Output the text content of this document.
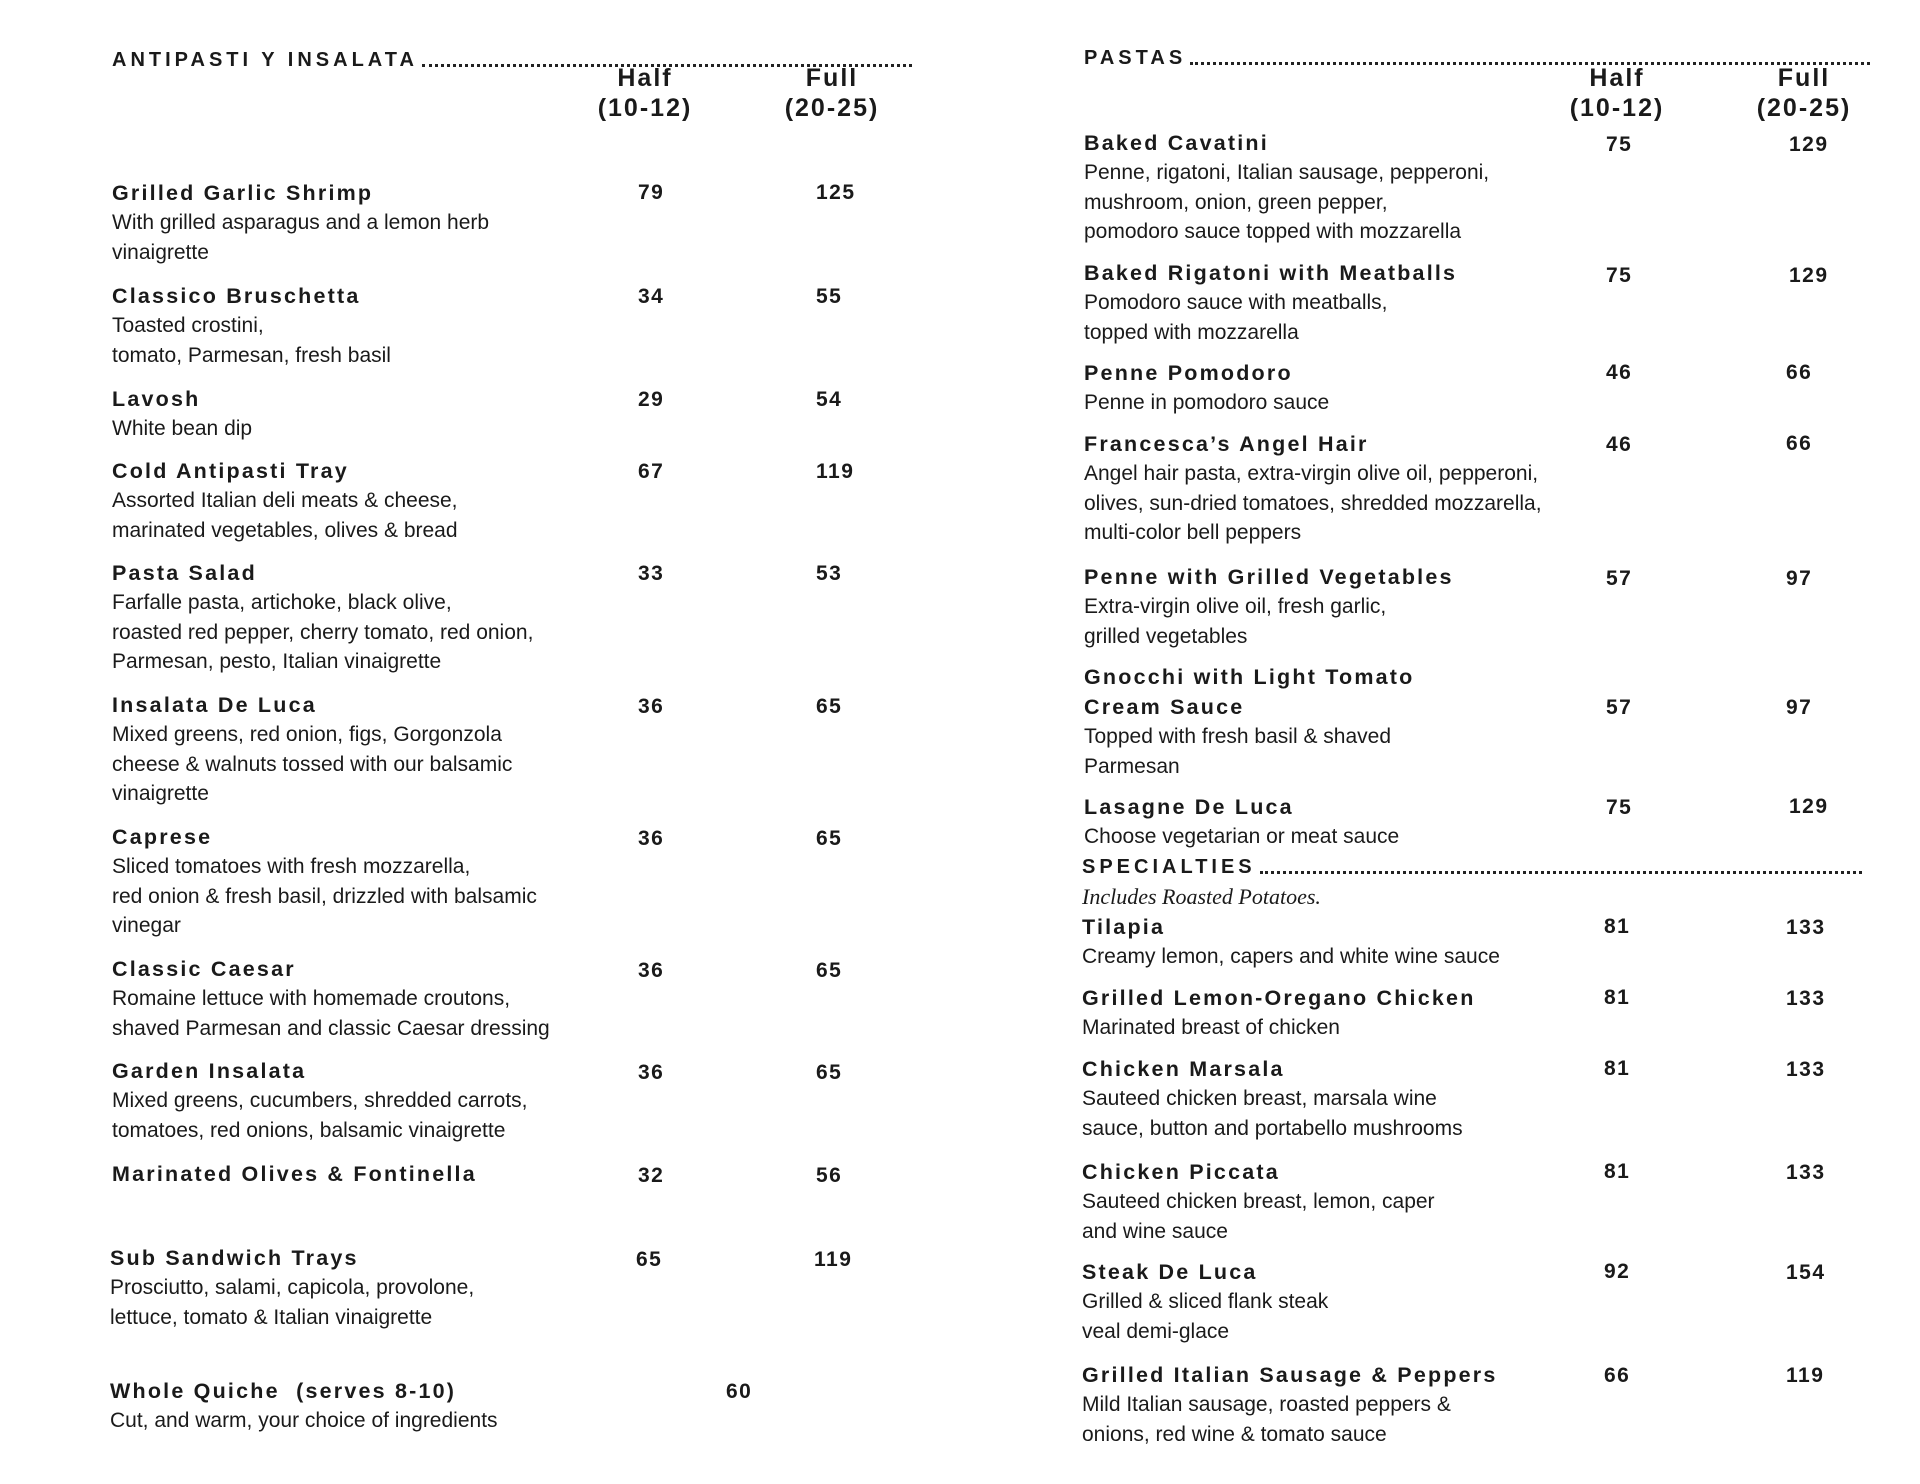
ANTIPASTI Y INSALATA
Half
(10-12)
Full
(20-25)
Grilled Garlic Shrimp
With grilled asparagus and a lemon herb
vinaigrette
79	125
Classico Bruschetta
Toasted crostini,
tomato, Parmesan, fresh basil
34	55
Lavosh
White bean dip
29	54
Cold Antipasti Tray
Assorted Italian deli meats & cheese,
marinated vegetables, olives & bread
67	119
Pasta Salad
Farfalle pasta, artichoke, black olive,
roasted red pepper, cherry tomato, red onion,
Parmesan, pesto, Italian vinaigrette
33	53
Insalata De Luca
Mixed greens, red onion, figs, Gorgonzola
cheese & walnuts tossed with our balsamic
vinaigrette
36	65
Caprese
Sliced tomatoes with fresh mozzarella,
red onion & fresh basil, drizzled with balsamic
vinegar
36	65
Classic Caesar
Romaine lettuce with homemade croutons,
shaved Parmesan and classic Caesar dressing
36	65
Garden Insalata
Mixed greens, cucumbers, shredded carrots,
tomatoes, red onions, balsamic vinaigrette
36	65
Marinated Olives & Fontinella	32	56
Sub Sandwich Trays
Prosciutto, salami, capicola, provolone,
lettuce, tomato & Italian vinaigrette
65	119
Whole Quiche  (serves 8-10)
Cut, and warm, your choice of ingredients
60
PASTAS
Half
(10-12)
Full
(20-25)
Baked Cavatini
Penne, rigatoni, Italian sausage, pepperoni,
mushroom, onion, green pepper,
pomodoro sauce topped with mozzarella
75	129
Baked Rigatoni with Meatballs
Pomodoro sauce with meatballs,
topped with mozzarella
75	129
Penne Pomodoro
Penne in pomodoro sauce
46	66
Francesca’s Angel Hair
Angel hair pasta, extra-virgin olive oil, pepperoni,
olives, sun-dried tomatoes, shredded mozzarella,
multi-color bell peppers
46	66
Penne with Grilled Vegetables
Extra-virgin olive oil, fresh garlic,
grilled vegetables
57	97
Gnocchi with Light Tomato
Cream Sauce
Topped with fresh basil & shaved
Parmesan
57	97
Lasagne De Luca
Choose vegetarian or meat sauce
75	129
SPECIALTIES
Includes Roasted Potatoes.
Tilapia
Creamy lemon, capers and white wine sauce
81	133
Grilled Lemon-Oregano Chicken
Marinated breast of chicken
81	133
Chicken Marsala
Sauteed chicken breast, marsala wine
sauce, button and portabello mushrooms
81	133
Chicken Piccata
Sauteed chicken breast, lemon, caper
and wine sauce
81	133
Steak De Luca
Grilled & sliced flank steak
veal demi-glace
92	154
Grilled Italian Sausage & Peppers
Mild Italian sausage, roasted peppers &
onions, red wine & tomato sauce
66	119
